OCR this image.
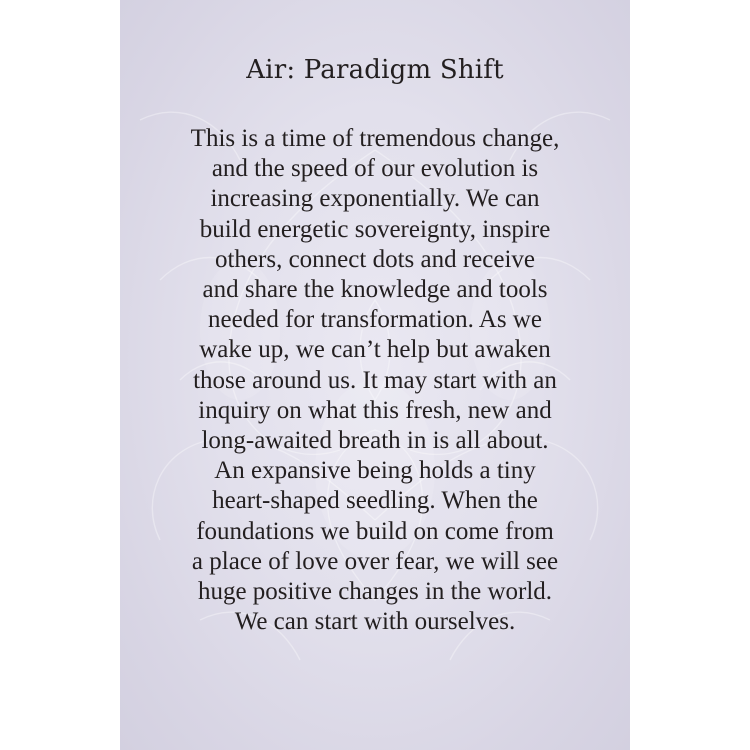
Air: Paradigm Shift

This is a time of tremendous change,
and the speed of our evolution is
increasing exponentially. We can
build energetic sovereignty, inspire
others, connect dots and receive
and share the knowledge and tools
needed for transformation. As we
wake up, we can’t help but awaken
those around us. It may start with an
inquiry on what this fresh, new and
long-awaited breath in is all about.
An expansive being holds a tiny
heart-shaped seedling. When the
foundations we build on come from
a place of love over fear, we will see
huge positive changes in the world.
We can start with ourselves.
